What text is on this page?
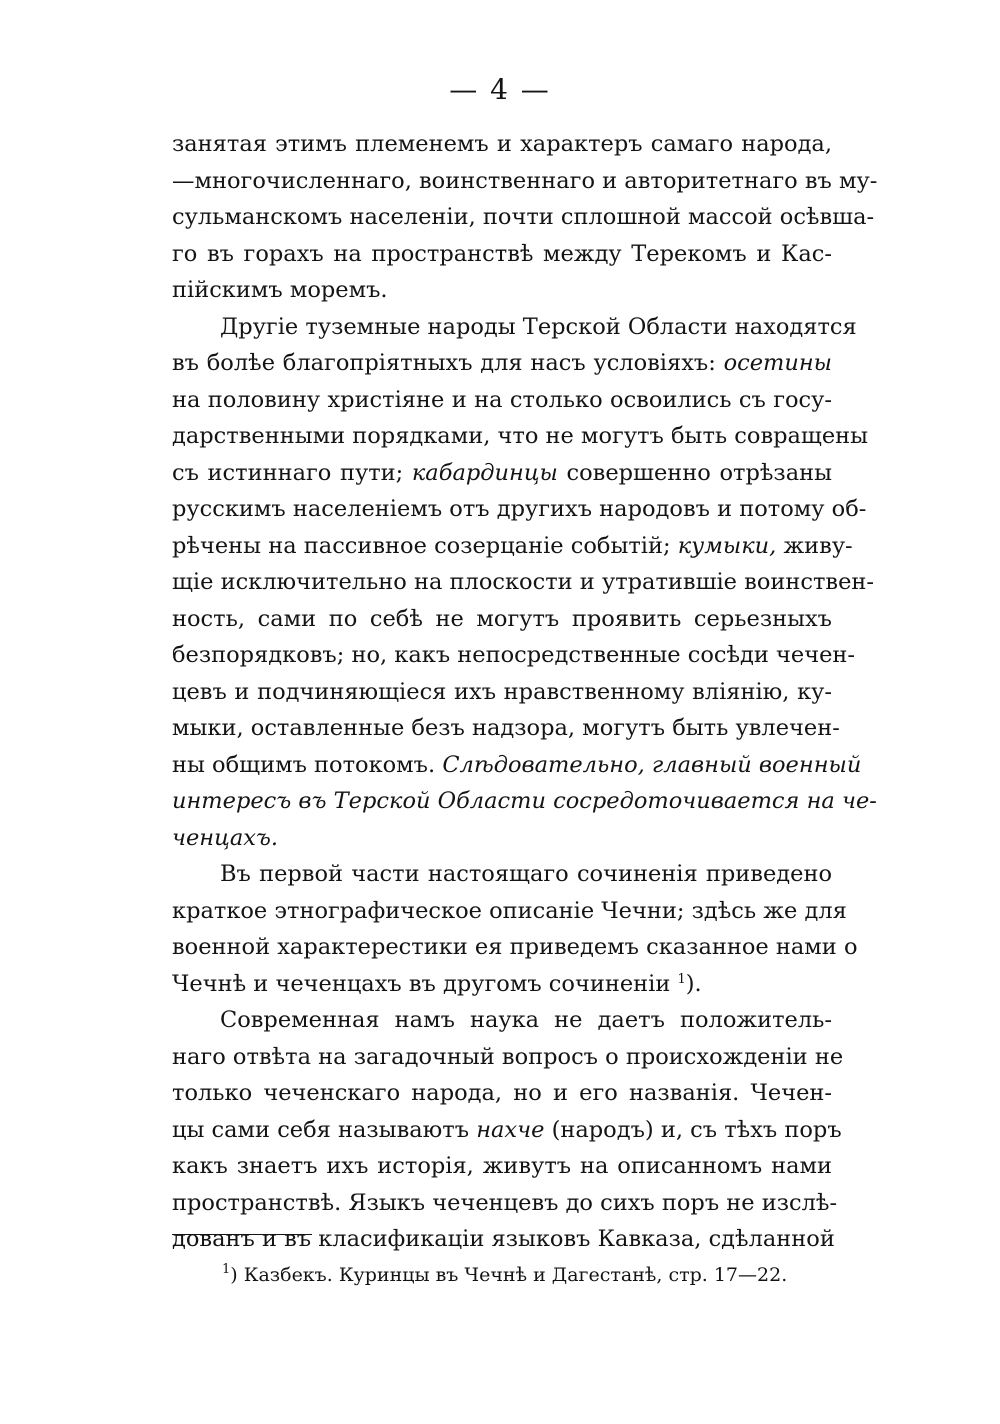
— 4 —
занятая этимъ племенемъ и характеръ самаго народа,
—многочисленнаго, воинственнаго и авторитетнаго въ му-
сульманскомъ населенiи, почти сплошной массой осѣвша-
го въ горахъ на пространствѣ между Терекомъ и Кас-
пiйскимъ моремъ.
Другiе туземные народы Терской Области находятся
въ болѣе благопрiятныхъ для насъ условiяхъ: осетины
на половину христiяне и на столько освоились съ госу-
дарственными порядками, что не могутъ быть совращены
съ истиннаго пути; кабардинцы совершенно отрѣзаны
русскимъ населенiемъ отъ другихъ народовъ и потому об-
рѣчены на пассивное созерцанiе событiй; кумыки, живу-
щiе исключительно на плоскости и утратившiе воинствен-
ность, сами по себѣ не могутъ проявить серьезныхъ
безпорядковъ; но, какъ непосредственные сосѣди чечен-
цевъ и подчиняющiеся ихъ нравственному влiянiю, ку-
мыки, оставленные безъ надзора, могутъ быть увлечен-
ны общимъ потокомъ. Слѣдовательно, главный военный
интересъ въ Терской Области сосредоточивается на че-
ченцахъ.
Въ первой части настоящаго сочиненiя приведено
краткое этнографическое описанiе Чечни; здѣсь же для
военной характерестики ея приведемъ сказанное нами о
Чечнѣ и чеченцахъ въ другомъ сочиненiи $^1$).
Современная намъ наука не даетъ положитель-
наго отвѣта на загадочный вопросъ о происхожденiи не
только чеченскаго народа, но и его названiя. Чечен-
цы сами себя называютъ нахче (народъ) и, съ тѣхъ поръ
какъ знаетъ ихъ исторiя, живутъ на описанномъ нами
пространствѣ. Языкъ чеченцевъ до сихъ поръ не изслѣ-
дованъ и въ класификацiи языковъ Кавказа, сдѣланной
$^1$) Казбекъ. Куринцы въ Чечнѣ и Дагестанѣ, стр. 17—22.
